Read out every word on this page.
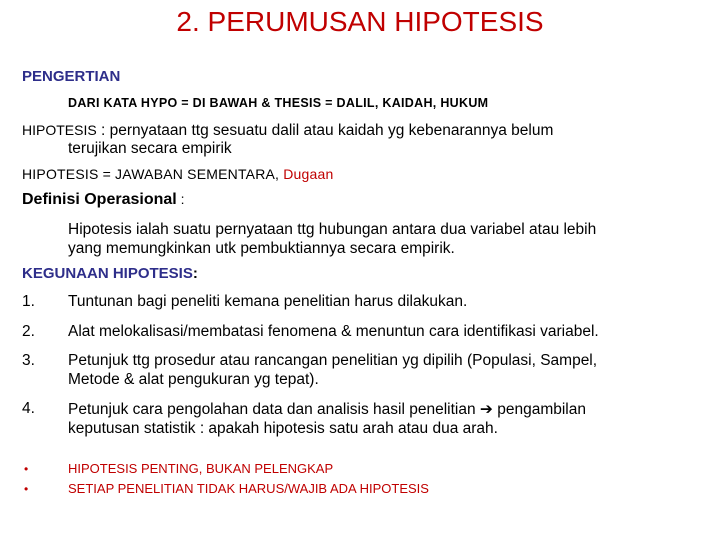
2. PERUMUSAN HIPOTESIS
PENGERTIAN
DARI KATA HYPO = DI BAWAH & THESIS = DALIL, KAIDAH, HUKUM
HIPOTESIS : pernyataan ttg sesuatu dalil atau kaidah yg kebenarannya belum
terujikan secara empirik
HIPOTESIS = JAWABAN SEMENTARA, Dugaan
Definisi Operasional :
Hipotesis ialah suatu pernyataan ttg hubungan antara dua variabel atau lebih
yang memungkinkan utk pembuktiannya secara empirik.
KEGUNAAN HIPOTESIS:
1. Tuntunan bagi peneliti kemana penelitian harus dilakukan.
2. Alat melokalisasi/membatasi fenomena & menuntun cara identifikasi variabel.
3. Petunjuk ttg prosedur atau rancangan penelitian yg dipilih (Populasi, Sampel,
Metode & alat pengukuran yg tepat).
4. Petunjuk cara pengolahan data dan analisis hasil penelitian ➔ pengambilan
keputusan statistik : apakah hipotesis satu arah atau dua arah.
•	HIPOTESIS PENTING, BUKAN PELENGKAP
•	SETIAP PENELITIAN TIDAK HARUS/WAJIB ADA HIPOTESIS
